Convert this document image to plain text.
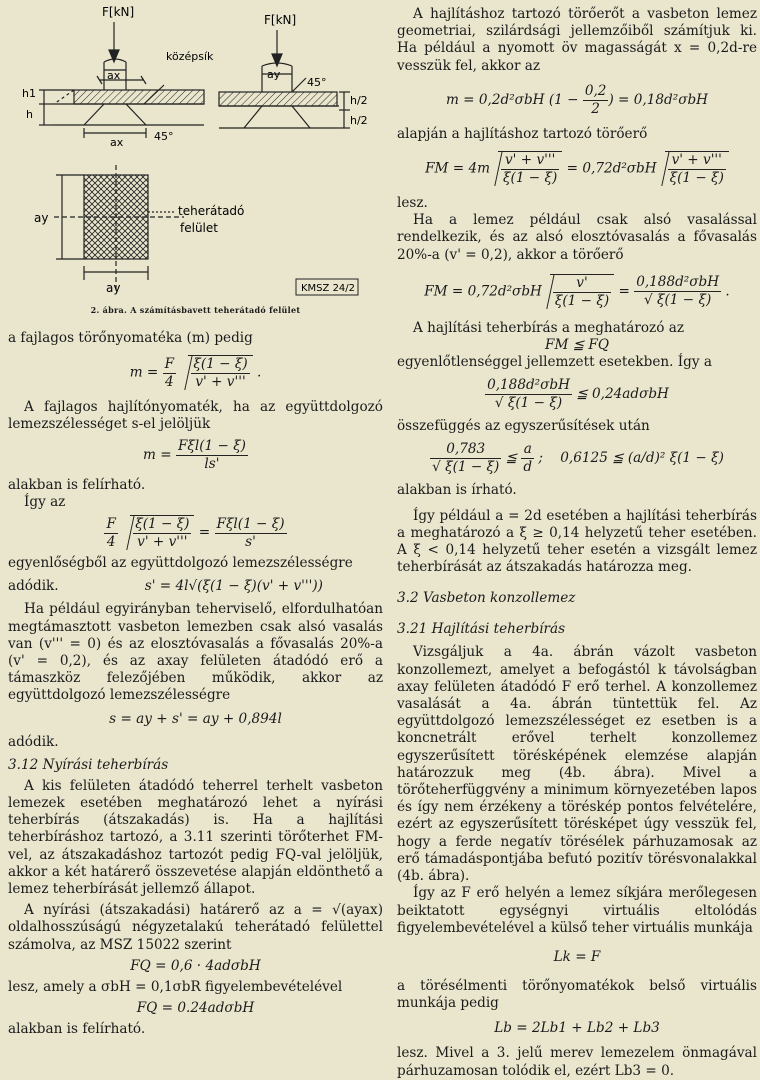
F[kN]
F[kN]
középsík
ax	ay
45°
45°
h1
h
h/2
h/2
ax
ay
ay
teherátadó
felület
KMSZ 24/2
2. ábra. A számításbavett teherátadó felület

a fajlagos törőnyomatéka (m) pedig

$m = \frac{F}{4}$
$\frac{\xi(1 - \xi)}{v' + v'''}$ .

A fajlagos hajlítónyomaték, ha az együttdolgozó lemezszélességet s-el jelöljük

$m = \frac{\text{Fξl(1 − ξ)}}{ls'}$

alakban is felírható.

Így az

$\frac{F}{4}$
$\frac{\xi(1 - \xi)}{v' + v'''} = \frac{\text{Fξl(1 − ξ)}}{s'}$

egyenlőségből az együttdolgozó lemezszélességre

adódik.	s' = 4l√(ξ(1 − ξ)(v' + v'''))

Ha például egyirányban teherviselő, elfordulhatóan megtámasztott vasbeton lemezben csak alsó vasalás van (v''' = 0) és az elosztóvasalás a fővasalás 20%-a (v' = 0,2), és az axay felületen átadódó erő a támaszköz felezőjében működik, akkor az együttdolgozó lemezszélességre

s = ay + s' = ay + 0,894l

adódik.

3.12 Nyírási teherbírás

A kis felületen átadódó teherrel terhelt vasbeton lemezek esetében meghatározó lehet a nyírási teherbírás (átszakadás) is. Ha a hajlítási teherbíráshoz tartozó, a 3.11 szerinti törőterhet FM-vel, az átszakadáshoz tartozót pedig FQ-val jelöljük, akkor a két határerő összevetése alapján eldönthető a lemez teherbírását jellemző állapot.

A nyírási (átszakadási) határerő az a = √(ayax) oldalhosszúságú négyzetalakú teherátadó felülettel számolva, az MSZ 15022 szerint

FQ = 0,6 · 4adσbH

lesz, amely a σbH = 0,1σbR figyelembevételével

FQ = 0.24adσbH

alakban is felírható.

A hajlításhoz tartozó törőerőt a vasbeton lemez geometriai, szilárdsági jellemzőiből számítjuk ki. Ha például a nyomott öv magasságát x = 0,2d-re vesszük fel, akkor az

m = 0,2d²σbH ($1 - \frac{0,2}{2}$ ) = 0,18d²σbH

alapján a hajlításhoz tartozó törőerő

FM = $4m \frac{v' + v'''}{\xi(1 - \xi)} = 0,72d^2\sigma bH \frac{v' + v'''}{\xi(1 - \xi)}$

lesz.

Ha a lemez például csak alsó vasalással rendelkezik, és az alsó elosztóvasalás a fővasalás 20%-a (v' = 0,2), akkor a törőerő

FM = $0,72d^2\sigma bH \frac{v'}{\xi(1 - \xi)} = \frac{\text{0,188d²σbH}}{√ \xi(1 - \xi)}$ .

A hajlítási teherbírás a meghatározó az

FM ≦ FQ

egyenlőtlenséggel jellemzett esetekben. Így a

$\frac{\text{0,188d²σbH}}{√ \xi(1 - \xi)}$ ≦ 0,24adσbH

összefüggés az egyszerűsítések után

$\frac{0,783}{√ \xi(1 - \xi)}$ ≦ $\frac{a}{d}$ ;    0,6125 ≦ (a/d)² ξ(1 − ξ)

alakban is írható.

Így például a = 2d esetében a hajlítási teherbírás a meghatározó a ξ ≥ 0,14 helyzetű teher esetében. A ξ < 0,14 helyzetű teher esetén a vizsgált lemez teherbírását az átszakadás határozza meg.

3.2 Vasbeton konzollemez

3.21 Hajlítási teherbírás

Vizsgáljuk a 4a. ábrán vázolt vasbeton konzollemezt, amelyet a befogástól k távolságban axay felületen átadódó F erő terhel. A konzollemez vasalását a 4a. ábrán tüntettük fel. Az együttdolgozó lemezszélességet ez esetben is a koncnetrált erővel terhelt konzollemez egyszerűsített törésképének elemzése alapján határozzuk meg (4b. ábra). Mivel a törőteherfüggvény a minimum környezetében lapos és így nem érzékeny a töréskép pontos felvételére, ezért az egyszerűsített törésképet úgy vesszük fel, hogy a ferde negatív törésélek párhuzamosak az erő támadáspontjába befutó pozitív törésvonalakkal (4b. ábra).

Így az F erő helyén a lemez síkjára merőlegesen beiktatott egységnyi virtuális eltolódás figyelembevételével a külső teher virtuális munkája

Lk = F

a törésélmenti törőnyomatékok belső virtuális munkája pedig

Lb = 2Lb1 + Lb2 + Lb3

lesz. Mivel a 3. jelű merev lemezelem önmagával párhuzamosan tolódik el, ezért Lb3 = 0.
